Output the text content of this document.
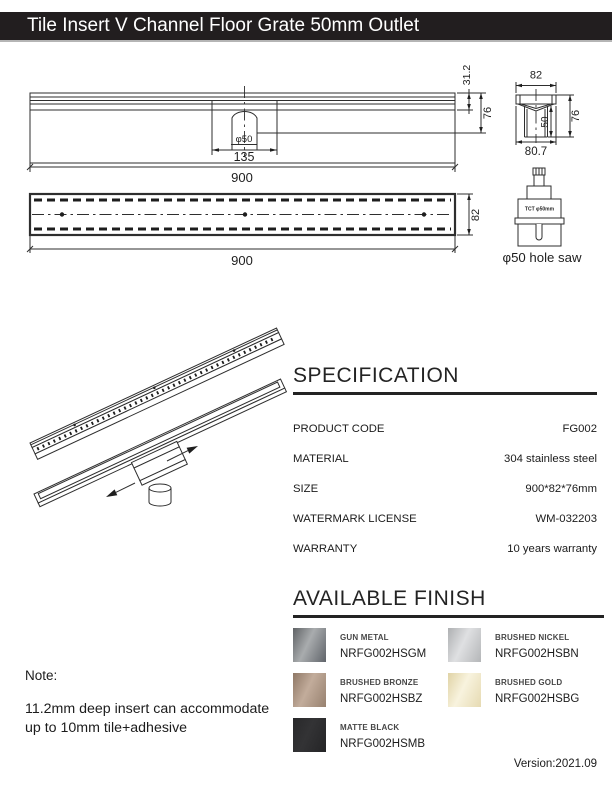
Tile Insert V Channel Floor Grate 50mm Outlet
φ50
135
900
31.2
76
82
50 76
80.7
82
900
TCT φ50mm
φ50 hole saw
SPECIFICATION
PRODUCT CODE	FG002
MATERIAL	304 stainless steel
SIZE	900*82*76mm
WATERMARK LICENSE	WM-032203
WARRANTY	10 years warranty
AVAILABLE FINISH
GUN METAL
NRFG002HSGM
BRUSHED NICKEL
NRFG002HSBN
BRUSHED BRONZE
NRFG002HSBZ
BRUSHED GOLD
NRFG002HSBG
MATTE BLACK
NRFG002HSMB
Note:
11.2mm deep insert can accommodate
up to 10mm tile+adhesive
Version:2021.09
